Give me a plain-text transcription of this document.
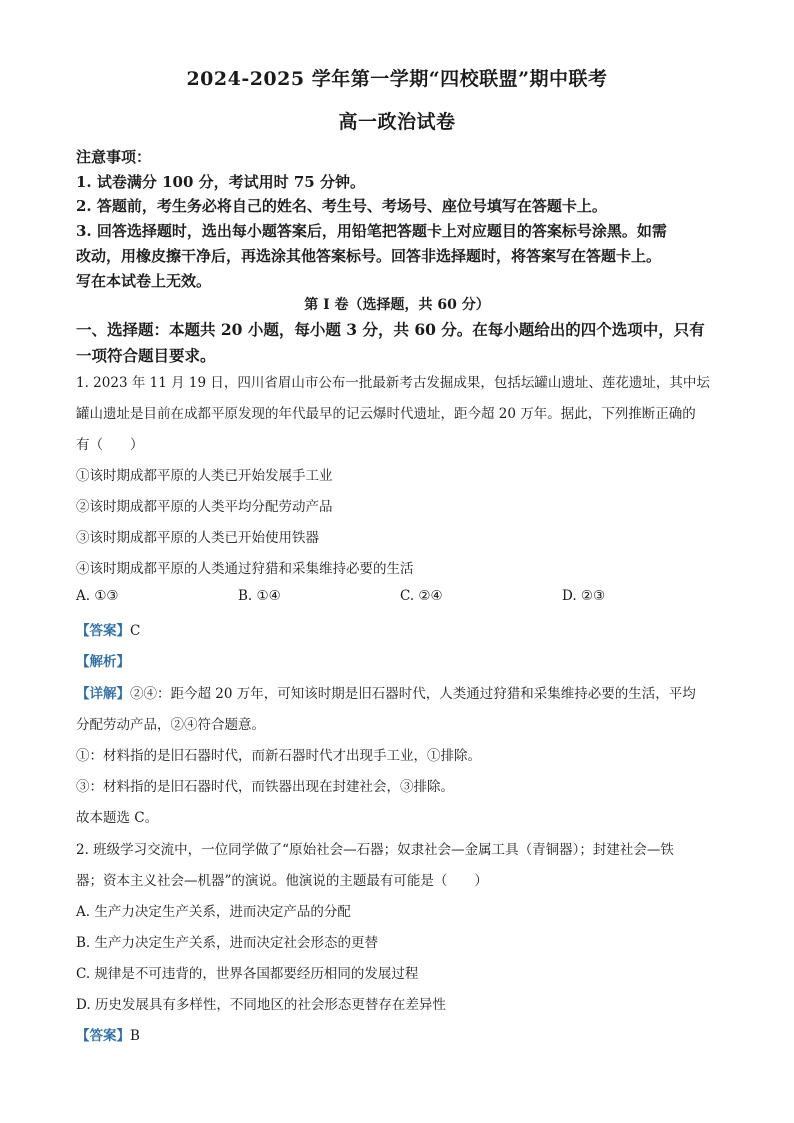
2024-2025 学年第一学期“四校联盟”期中联考
高一政治试卷
注意事项：
1. 试卷满分 100 分，考试用时 75 分钟。
2. 答题前，考生务必将自己的姓名、考生号、考场号、座位号填写在答题卡上。
3. 回答选择题时，选出每小题答案后，用铅笔把答题卡上对应题目的答案标号涂黑。如需
改动，用橡皮擦干净后，再选涂其他答案标号。回答非选择题时，将答案写在答题卡上。
写在本试卷上无效。
第 I 卷（选择题，共 60 分）
一、选择题：本题共 20 小题，每小题 3 分，共 60 分。在每小题给出的四个选项中，只有
一项符合题目要求。
1. 2023 年 11 月 19 日，四川省眉山市公布一批最新考古发掘成果，包括坛罐山遗址、莲花遗址，其中坛
罐山遗址是目前在成都平原发现的年代最早的记云爆时代遗址，距今超 20 万年。据此，下列推断正确的
有（　　）
①该时期成都平原的人类已开始发展手工业
②该时期成都平原的人类平均分配劳动产品
③该时期成都平原的人类已开始使用铁器
④该时期成都平原的人类通过狩猎和采集维持必要的生活
A. ①③	B. ①④	C. ②④	D. ②③
【答案】C
【解析】
【详解】②④：距今超 20 万年，可知该时期是旧石器时代，人类通过狩猎和采集维持必要的生活，平均
分配劳动产品，②④符合题意。
①：材料指的是旧石器时代，而新石器时代才出现手工业，①排除。
③：材料指的是旧石器时代，而铁器出现在封建社会，③排除。
故本题选 C。
2. 班级学习交流中，一位同学做了“原始社会—石器；奴隶社会—金属工具（青铜器）；封建社会—铁
器；资本主义社会—机器”的演说。他演说的主题最有可能是（　　）
A. 生产力决定生产关系，进而决定产品的分配
B. 生产力决定生产关系，进而决定社会形态的更替
C. 规律是不可违背的，世界各国都要经历相同的发展过程
D. 历史发展具有多样性，不同地区的社会形态更替存在差异性
【答案】B
